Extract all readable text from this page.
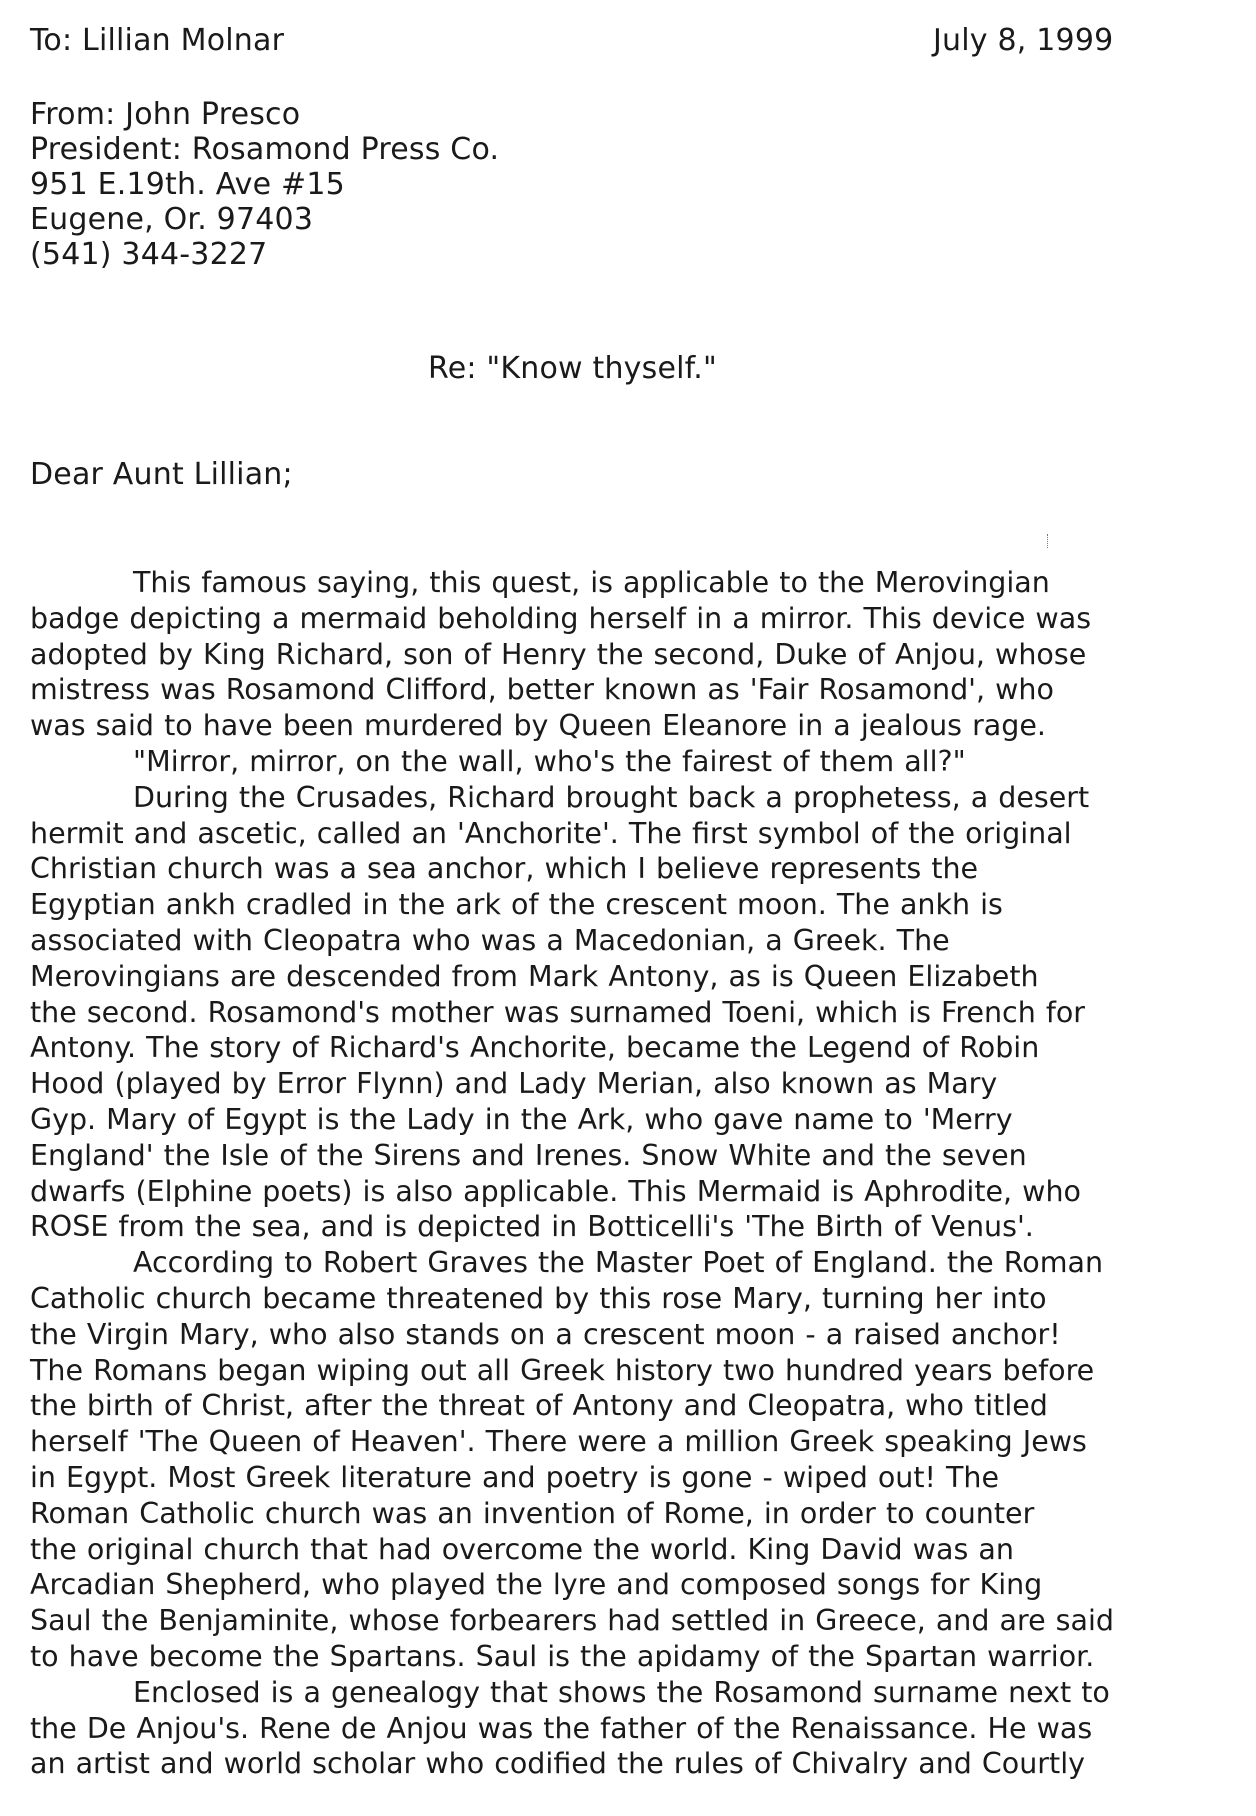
To: Lillian Molnar	July 8, 1999
From: John Presco
President: Rosamond Press Co.
951 E.19th. Ave #15
Eugene, Or. 97403
(541) 344-3227
Re: "Know thyself."
Dear Aunt Lillian;
This famous saying, this quest, is applicable to the Merovingian
badge depicting a mermaid beholding herself in a mirror. This device was
adopted by King Richard, son of Henry the second, Duke of Anjou, whose
mistress was Rosamond Clifford, better known as 'Fair Rosamond', who
was said to have been murdered by Queen Eleanore in a jealous rage.
"Mirror, mirror, on the wall, who's the fairest of them all?"
During the Crusades, Richard brought back a prophetess, a desert
hermit and ascetic, called an 'Anchorite'. The first symbol of the original
Christian church was a sea anchor, which I believe represents the
Egyptian ankh cradled in the ark of the crescent moon. The ankh is
associated with Cleopatra who was a Macedonian, a Greek. The
Merovingians are descended from Mark Antony, as is Queen Elizabeth
the second. Rosamond's mother was surnamed Toeni, which is French for
Antony. The story of Richard's Anchorite, became the Legend of Robin
Hood (played by Error Flynn) and Lady Merian, also known as Mary
Gyp. Mary of Egypt is the Lady in the Ark, who gave name to 'Merry
England' the Isle of the Sirens and Irenes. Snow White and the seven
dwarfs (Elphine poets) is also applicable. This Mermaid is Aphrodite, who
ROSE from the sea, and is depicted in Botticelli's 'The Birth of Venus'.
According to Robert Graves the Master Poet of England. the Roman
Catholic church became threatened by this rose Mary, turning her into
the Virgin Mary, who also stands on a crescent moon - a raised anchor!
The Romans began wiping out all Greek history two hundred years before
the birth of Christ, after the threat of Antony and Cleopatra, who titled
herself 'The Queen of Heaven'. There were a million Greek speaking Jews
in Egypt. Most Greek literature and poetry is gone - wiped out! The
Roman Catholic church was an invention of Rome, in order to counter
the original church that had overcome the world. King David was an
Arcadian Shepherd, who played the lyre and composed songs for King
Saul the Benjaminite, whose forbearers had settled in Greece, and are said
to have become the Spartans. Saul is the apidamy of the Spartan warrior.
Enclosed is a genealogy that shows the Rosamond surname next to
the De Anjou's. Rene de Anjou was the father of the Renaissance. He was
an artist and world scholar who codified the rules of Chivalry and Courtly
